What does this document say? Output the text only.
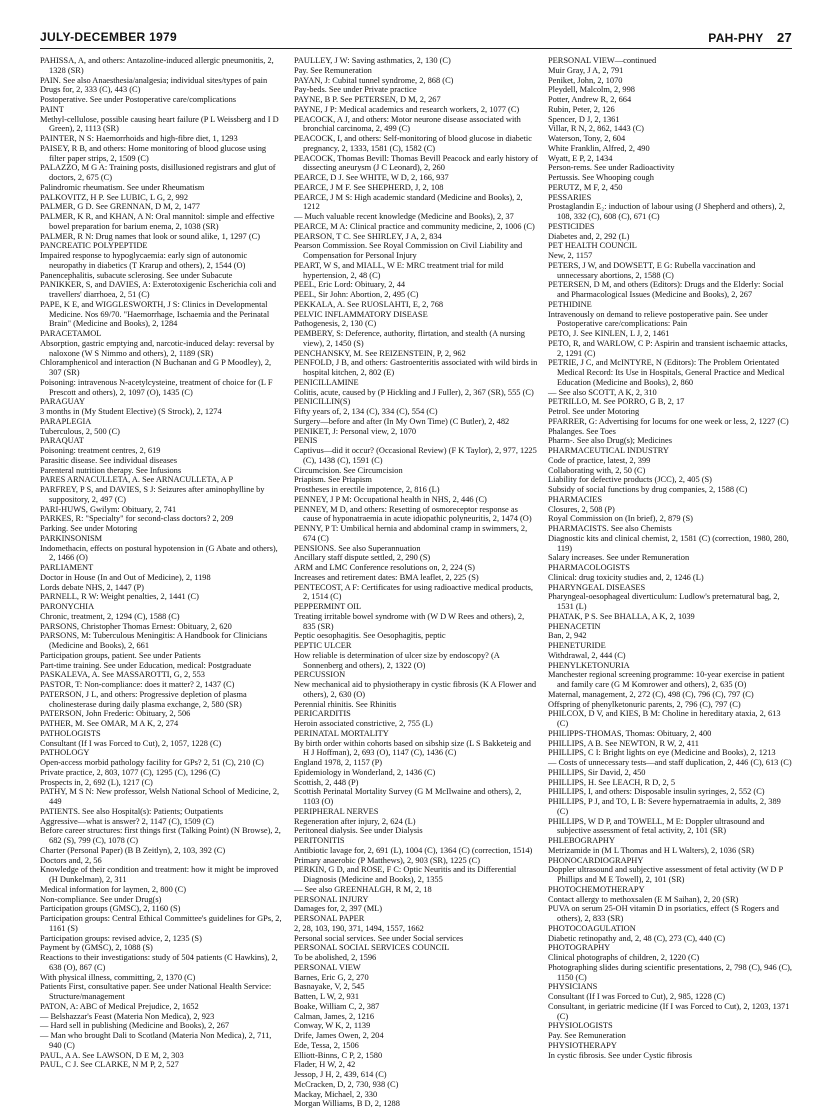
JULY-DECEMBER 1979	PAH-PHY 27
PAHISSA, A, and others: Antazoline-induced allergic pneumonitis, 2, 1328 (SR)
PAIN. See also Anaesthesia/analgesia; individual sites/types of pain
Drugs for, 2, 333 (C), 443 (C)
Postoperative. See under Postoperative care/complications
PAINT
Methyl-cellulose, possible causing heart failure (P L Weissberg and I D Green), 2, 1113 (SR)
PAINTER, N S: Haemorrhoids and high-fibre diet, 1, 1293
PAISEY, R B, and others: Home monitoring of blood glucose using filter paper strips, 2, 1509 (C)
PALAZZO, M G A: Training posts, disillusioned registrars and glut of doctors, 2, 675 (C)
Palindromic rheumatism. See under Rheumatism
PALKOVITZ, H P. See LUBIC, L G, 2, 992
PALMER, G D. See GRENNAN, D M, 2, 1477
PALMER, K R, and KHAN, A N: Oral mannitol: simple and effective bowel preparation for barium enema, 2, 1038 (SR)
PALMER, R N: Drug names that look or sound alike, 1, 1297 (C)
PANCREATIC POLYPEPTIDE
Impaired response to hypoglycaemia: early sign of autonomic neuropathy in diabetics (T Krarup and others), 2, 1544 (O)
Panencephalitis, subacute sclerosing. See under Subacute
PANIKKER, S, and DAVIES, A: Exterotoxigenic Escherichia coli and travellers' diarrhoea, 2, 51 (C)
PAPE, K E, and WIGGLESWORTH, J S: Clinics in Developmental Medicine. Nos 69/70. "Haemorrhage, Ischaemia and the Perinatal Brain" (Medicine and Books), 2, 1284
PARACETAMOL
Absorption, gastric emptying and, narcotic-induced delay: reversal by naloxone (W S Nimmo and others), 2, 1189 (SR)
Chloramphenicol and interaction (N Buchanan and G P Moodley), 2, 307 (SR)
Poisoning: intravenous N-acetylcysteine, treatment of choice for (L F Prescott and others), 2, 1097 (O), 1435 (C)
PARAGUAY
3 months in (My Student Elective) (S Strock), 2, 1274
PARAPLEGIA
Tuberculous, 2, 500 (C)
PARAQUAT
Poisoning: treatment centres, 2, 619
Parasitic disease. See individual diseases
Parenteral nutrition therapy. See Infusions
PARES ARNACULLETA, A. See ARNACULLETA, A P
PARFREY, P S, and DAVIES, S J: Seizures after aminophylline by suppository, 2, 497 (C)
PARI-HUWS, Gwilym: Obituary, 2, 741
PARKES, R: "Specialty" for second-class doctors? 2, 209
Parking. See under Motoring
PARKINSONISM
Indomethacin, effects on postural hypotension in (G Abate and others), 2, 1466 (O)
PARLIAMENT
Doctor in House (In and Out of Medicine), 2, 1198
Lords debate NHS, 2, 1447 (P)
PARNELL, R W: Weight penalties, 2, 1441 (C)
PARONYCHIA
Chronic, treatment, 2, 1294 (C), 1588 (C)
PARSONS, Christopher Thomas Ernest: Obituary, 2, 620
PARSONS, M: Tuberculous Meningitis: A Handbook for Clinicians (Medicine and Books), 2, 661
Participation groups, patient. See under Patients
Part-time training. See under Education, medical: Postgraduate
PASKALEVA, A. See MASSAROTTI, G, 2, 553
PASTOR, T: Non-compliance: does it matter? 2, 1437 (C)
PATERSON, J L, and others: Progressive depletion of plasma cholinesterase during daily plasma exchange, 2, 580 (SR)
PATERSON, John Frederic: Obituary, 2, 506
PATHER, M. See OMAR, M A K, 2, 274
PATHOLOGISTS
Consultant (If I was Forced to Cut), 2, 1057, 1228 (C)
PATHOLOGY
Open-access morbid pathology facility for GPs? 2, 51 (C), 210 (C)
Private practice, 2, 803, 1077 (C), 1295 (C), 1296 (C)
Prospects in, 2, 692 (L), 1217 (C)
PATHY, M S N: New professor, Welsh National School of Medicine, 2, 449
PATIENTS. See also Hospital(s): Patients; Outpatients
Aggressive—what is answer? 2, 1147 (C), 1509 (C)
Before career structures: first things first (Talking Point) (N Browse), 2, 682 (S), 799 (C), 1078 (C)
Charter (Personal Paper) (B B Zeitlyn), 2, 103, 392 (C)
Doctors and, 2, 56
Knowledge of their condition and treatment: how it might be improved (H Dunkelman), 2, 311
Medical information for laymen, 2, 800 (C)
Non-compliance. See under Drug(s)
Participation groups (GMSC), 2, 1160 (S)
Participation groups: Central Ethical Committee's guidelines for GPs, 2, 1161 (S)
Participation groups: revised advice, 2, 1235 (S)
Payment by (GMSC), 2, 1088 (S)
Reactions to their investigations: study of 504 patients (C Hawkins), 2, 638 (O), 867 (C)
With physical illness, committing, 2, 1370 (C)
Patients First, consultative paper. See under National Health Service: Structure/management
PATON, A: ABC of Medical Prejudice, 2, 1652
— Belshazzar's Feast (Materia Non Medica), 2, 923
— Hard sell in publishing (Medicine and Books), 2, 267
— Man who brought Dali to Scotland (Materia Non Medica), 2, 711, 940 (C)
PAUL, A A. See LAWSON, D E M, 2, 303
PAUL, C J. See CLARKE, N M P, 2, 527
PAULLEY, J W: Saving asthmatics, 2, 130 (C)
Pay. See Remuneration
PAYAN, J: Cubital tunnel syndrome, 2, 868 (C)
Pay-beds. See under Private practice
PAYNE, B P. See PETERSEN, D M, 2, 267
PAYNE, J P: Medical academics and research workers, 2, 1077 (C)
PEACOCK, A J, and others: Motor neurone disease associated with bronchial carcinoma, 2, 499 (C)
PEACOCK, I, and others: Self-monitoring of blood glucose in diabetic pregnancy, 2, 1333, 1581 (C), 1582 (C)
PEACOCK, Thomas Bevill: Thomas Bevill Peacock and early history of dissecting aneurysm (J C Leonard), 2, 260
PEARCE, D J. See WHITE, W D, 2, 166, 937
PEARCE, J M F. See SHEPHERD, J, 2, 108
PEARCE, J M S: High academic standard (Medicine and Books), 2, 1212
— Much valuable recent knowledge (Medicine and Books), 2, 37
PEARCE, M A: Clinical practice and community medicine, 2, 1006 (C)
PEARSON, T C. See SHIRLEY, J A, 2, 834
Pearson Commission. See Royal Commission on Civil Liability and Compensation for Personal Injury
PEART, W S, and MIALL, W E: MRC treatment trial for mild hypertension, 2, 48 (C)
PEEL, Eric Lord: Obituary, 2, 44
PEEL, Sir John: Abortion, 2, 495 (C)
PEKKALA, A. See RUOSLAHTI, E, 2, 768
PELVIC INFLAMMATORY DISEASE
Pathogenesis, 2, 130 (C)
PEMBERY, S: Deference, authority, flirtation, and stealth (A nursing view), 2, 1450 (S)
PENCHANSKY, M. See REIZENSTEIN, P, 2, 962
PENFOLD, J B, and others: Gastroenteritis associated with wild birds in hospital kitchen, 2, 802 (E)
PENICILLAMINE
Colitis, acute, caused by (P Hickling and J Fuller), 2, 367 (SR), 555 (C)
PENICILLIN(S)
Fifty years of, 2, 134 (C), 334 (C), 554 (C)
Surgery—before and after (In My Own Time) (C Butler), 2, 482
PENIKET, J: Personal view, 2, 1070
PENIS
Captivus—did it occur? (Occasional Review) (F K Taylor), 2, 977, 1225 (C), 1438 (C), 1591 (C)
Circumcision. See Circumcision
Priapism. See Priapism
Prostheses in erectile impotence, 2, 816 (L)
PENNEY, J P M: Occupational health in NHS, 2, 446 (C)
PENNEY, M D, and others: Resetting of osmoreceptor response as cause of hyponatraemia in acute idiopathic polyneuritis, 2, 1474 (O)
PENNY, P T: Umbilical hernia and abdominal cramp in swimmers, 2, 674 (C)
PENSIONS. See also Superannuation
Ancillary staff dispute settled, 2, 290 (S)
ARM and LMC Conference resolutions on, 2, 224 (S)
Increases and retirement dates: BMA leaflet, 2, 225 (S)
PENTECOST, A F: Certificates for using radioactive medical products, 2, 1514 (C)
PEPPERMINT OIL
Treating irritable bowel syndrome with (W D W Rees and others), 2, 835 (SR)
Peptic oesophagitis. See Oesophagitis, peptic
PEPTIC ULCER
How reliable is determination of ulcer size by endoscopy? (A Sonnenberg and others), 2, 1322 (O)
PERCUSSION
New mechanical aid to physiotherapy in cystic fibrosis (K A Flower and others), 2, 630 (O)
Perennial rhinitis. See Rhinitis
PERICARDITIS
Heroin associated constrictive, 2, 755 (L)
PERINATAL MORTALITY
By birth order within cohorts based on sibship size (L S Bakketeig and H J Hoffman), 2, 693 (O), 1147 (C), 1436 (C)
England 1978, 2, 1157 (P)
Epidemiology in Wonderland, 2, 1436 (C)
Scottish, 2, 448 (P)
Scottish Perinatal Mortality Survey (G M McIlwaine and others), 2, 1103 (O)
PERIPHERAL NERVES
Regeneration after injury, 2, 624 (L)
Peritoneal dialysis. See under Dialysis
PERITONITIS
Antibiotic lavage for, 2, 691 (L), 1004 (C), 1364 (C) (correction, 1514)
Primary anaerobic (P Matthews), 2, 903 (SR), 1225 (C)
PERKIN, G D, and ROSE, F C: Optic Neuritis and its Differential Diagnosis (Medicine and Books), 2, 1355
— See also GREENHALGH, R M, 2, 18
PERSONAL INJURY
Damages for, 2, 397 (ML)
PERSONAL PAPER
2, 28, 103, 190, 371, 1494, 1557, 1662
Personal social services. See under Social services
PERSONAL SOCIAL SERVICES COUNCIL
To be abolished, 2, 1596
PERSONAL VIEW
Barnes, Eric G, 2, 270
Basnayake, V, 2, 545
Batten, L W, 2, 931
Boake, William C, 2, 387
Calman, James, 2, 1216
Conway, W K, 2, 1139
Drife, James Owen, 2, 204
Ede, Tessa, 2, 1506
Elliott-Binns, C P, 2, 1580
Flader, H W, 2, 42
Jessop, J H, 2, 439, 614 (C)
McCracken, D, 2, 730, 938 (C)
Mackay, Michael, 2, 330
Morgan Williams, B D, 2, 1288
PERSONAL VIEW—continued
Muir Gray, J A, 2, 791
Peniket, John, 2, 1070
Pleydell, Malcolm, 2, 998
Potter, Andrew R, 2, 664
Rubin, Peter, 2, 126
Spencer, D J, 2, 1361
Villar, R N, 2, 862, 1443 (C)
Waterson, Tony, 2, 604
White Franklin, Alfred, 2, 490
Wyatt, E P, 2, 1434
Person-rems. See under Radioactivity
Pertussis. See Whooping cough
PERUTZ, M F, 2, 450
PESSARIES
Prostaglandin E₂: induction of labour using (J Shepherd and others), 2, 108, 332 (C), 608 (C), 671 (C)
PESTICIDES
Diabetes and, 2, 292 (L)
PET HEALTH COUNCIL
New, 2, 1157
PETERS, J W, and DOWSETT, E G: Rubella vaccination and unnecessary abortions, 2, 1588 (C)
PETERSEN, D M, and others (Editors): Drugs and the Elderly: Social and Pharmacological Issues (Medicine and Books), 2, 267
PETHIDINE
Intravenously on demand to relieve postoperative pain. See under Postoperative care/complications: Pain
PETO, J. See KINLEN, L J, 2, 1461
PETO, R, and WARLOW, C P: Aspirin and transient ischaemic attacks, 2, 1291 (C)
PETRIE, J C, and McINTYRE, N (Editors): The Problem Orientated Medical Record: Its Use in Hospitals, General Practice and Medical Education (Medicine and Books), 2, 860
— See also SCOTT, A K, 2, 310
PETRILLO, M. See PORRO, G B, 2, 17
Petrol. See under Motoring
PFARRER, G: Advertising for locums for one week or less, 2, 1227 (C)
Phalanges. See Toes
Pharm-. See also Drug(s); Medicines
PHARMACEUTICAL INDUSTRY
Code of practice, latest, 2, 399
Collaborating with, 2, 50 (C)
Liability for defective products (JCC), 2, 405 (S)
Subsidy of social functions by drug companies, 2, 1588 (C)
PHARMACIES
Closures, 2, 508 (P)
Royal Commission on (In brief), 2, 879 (S)
PHARMACISTS. See also Chemists
Diagnostic kits and clinical chemist, 2, 1581 (C) (correction, 1980, 280, 119)
Salary increases. See under Remuneration
PHARMACOLOGISTS
Clinical: drug toxicity studies and, 2, 1246 (L)
PHARYNGEAL DISEASES
Pharyngeal-oesophageal diverticulum: Ludlow's preternatural bag, 2, 1531 (L)
PHATAK, P S. See BHALLA, A K, 2, 1039
PHENACETIN
Ban, 2, 942
PHENETURIDE
Withdrawal, 2, 444 (C)
PHENYLKETONURIA
Manchester regional screening programme: 10-year exercise in patient and family care (G M Komrower and others), 2, 635 (O)
Maternal, management, 2, 272 (C), 498 (C), 796 (C), 797 (C)
Offspring of phenylketonuric parents, 2, 796 (C), 797 (C)
PHILCOX, D V, and KIES, B M: Choline in hereditary ataxia, 2, 613 (C)
PHILIPPS-THOMAS, Thomas: Obituary, 2, 400
PHILLIPS, A B. See NEWTON, R W, 2, 411
PHILLIPS, C I: Bright lights on eye (Medicine and Books), 2, 1213
— Costs of unnecessary tests—and staff duplication, 2, 446 (C), 613 (C)
PHILLIPS, Sir David, 2, 450
PHILLIPS, H. See LEACH, R D, 2, 5
PHILLIPS, I, and others: Disposable insulin syringes, 2, 552 (C)
PHILLIPS, P J, and TO, L B: Severe hypernatraemia in adults, 2, 389 (C)
PHILLIPS, W D P, and TOWELL, M E: Doppler ultrasound and subjective assessment of fetal activity, 2, 101 (SR)
PHLEBOGRAPHY
Metrizamide in (M L Thomas and H L Walters), 2, 1036 (SR)
PHONOCARDIOGRAPHY
Doppler ultrasound and subjective assessment of fetal activity (W D P Phillips and M E Towell), 2, 101 (SR)
PHOTOCHEMOTHERAPY
Contact allergy to methoxsalen (E M Saihan), 2, 20 (SR)
PUVA on serum 25-OH vitamin D in psoriatics, effect (S Rogers and others), 2, 833 (SR)
PHOTOCOAGULATION
Diabetic retinopathy and, 2, 48 (C), 273 (C), 440 (C)
PHOTOGRAPHY
Clinical photographs of children, 2, 1220 (C)
Photographing slides during scientific presentations, 2, 798 (C), 946 (C), 1150 (C)
PHYSICIANS
Consultant (If I was Forced to Cut), 2, 985, 1228 (C)
Consultant, in geriatric medicine (If I was Forced to Cut), 2, 1203, 1371 (C)
PHYSIOLOGISTS
Pay. See Remuneration
PHYSIOTHERAPY
In cystic fibrosis. See under Cystic fibrosis
